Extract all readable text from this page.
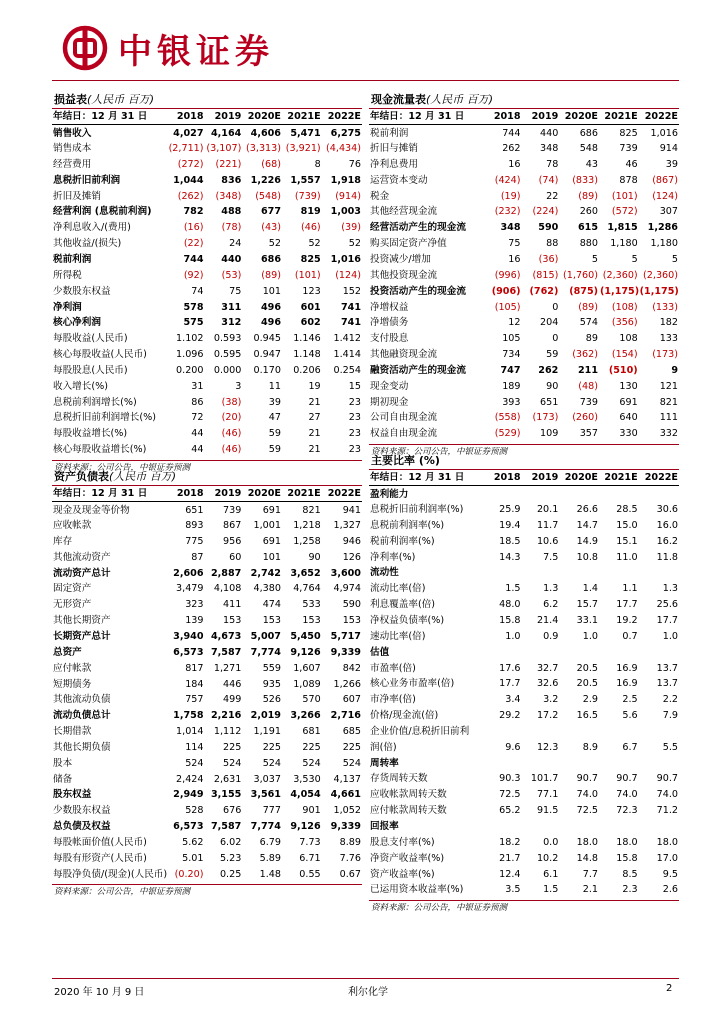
中银证券
损益表(人民币 百万)
年结日：12 月 31 日	2018	2019	2020E	2021E	2022E
销售收入	4,027	4,164	4,606	5,471	6,275
销售成本	(2,711)	(3,107)	(3,313)	(3,921)	(4,434)
经营费用	(272)	(221)	(68)	8	76
息税折旧前利润	1,044	836	1,226	1,557	1,918
折旧及摊销	(262)	(348)	(548)	(739)	(914)
经营利润 (息税前利润)	782	488	677	819	1,003
净利息收入/(费用)	(16)	(78)	(43)	(46)	(39)
其他收益/(损失)	(22)	24	52	52	52
税前利润	744	440	686	825	1,016
所得税	(92)	(53)	(89)	(101)	(124)
少数股东权益	74	75	101	123	152
净利润	578	311	496	601	741
核心净利润	575	312	496	602	741
每股收益(人民币)	1.102	0.593	0.945	1.146	1.412
核心每股收益(人民币)	1.096	0.595	0.947	1.148	1.414
每股股息(人民币)	0.200	0.000	0.170	0.206	0.254
收入增长(%)	31	3	11	19	15
息税前利润增长(%)	86	(38)	39	21	23
息税折旧前利润增长(%)	72	(20)	47	27	23
每股收益增长(%)	44	(46)	59	21	23
核心每股收益增长(%)	44	(46)	59	21	23
资料来源：公司公告，中银证券预测
现金流量表(人民币 百万)
年结日：12 月 31 日	2018	2019	2020E	2021E	2022E
税前利润	744	440	686	825	1,016
折旧与摊销	262	348	548	739	914
净利息费用	16	78	43	46	39
运营资本变动	(424)	(74)	(833)	878	(867)
税金	(19)	22	(89)	(101)	(124)
其他经营现金流	(232)	(224)	260	(572)	307
经营活动产生的现金流	348	590	615	1,815	1,286
购买固定资产净值	75	88	880	1,180	1,180
投资减少/增加	16	(36)	5	5	5
其他投资现金流	(996)	(815)	(1,760)	(2,360)	(2,360)
投资活动产生的现金流	(906)	(762)	(875)	(1,175)	(1,175)
净增权益	(105)	0	(89)	(108)	(133)
净增债务	12	204	574	(356)	182
支付股息	105	0	89	108	133
其他融资现金流	734	59	(362)	(154)	(173)
融资活动产生的现金流	747	262	211	(510)	9
现金变动	189	90	(48)	130	121
期初现金	393	651	739	691	821
公司自由现金流	(558)	(173)	(260)	640	111
权益自由现金流	(529)	109	357	330	332
资料来源：公司公告，中银证券预测
资产负债表(人民币 百万)
年结日：12 月 31 日	2018	2019	2020E	2021E	2022E
现金及现金等价物	651	739	691	821	941
应收帐款	893	867	1,001	1,218	1,327
库存	775	956	691	1,258	946
其他流动资产	87	60	101	90	126
流动资产总计	2,606	2,887	2,742	3,652	3,600
固定资产	3,479	4,108	4,380	4,764	4,974
无形资产	323	411	474	533	590
其他长期资产	139	153	153	153	153
长期资产总计	3,940	4,673	5,007	5,450	5,717
总资产	6,573	7,587	7,774	9,126	9,339
应付帐款	817	1,271	559	1,607	842
短期债务	184	446	935	1,089	1,266
其他流动负债	757	499	526	570	607
流动负债总计	1,758	2,216	2,019	3,266	2,716
长期借款	1,014	1,112	1,191	681	685
其他长期负债	114	225	225	225	225
股本	524	524	524	524	524
储备	2,424	2,631	3,037	3,530	4,137
股东权益	2,949	3,155	3,561	4,054	4,661
少数股东权益	528	676	777	901	1,052
总负债及权益	6,573	7,587	7,774	9,126	9,339
每股帐面价值(人民币)	5.62	6.02	6.79	7.73	8.89
每股有形资产(人民币)	5.01	5.23	5.89	6.71	7.76
每股净负债/(现金)(人民币)	(0.20)	0.25	1.48	0.55	0.67
资料来源：公司公告，中银证券预测
主要比率 (%)
年结日：12 月 31 日	2018	2019	2020E	2021E	2022E
盈利能力					
息税折旧前利润率(%)	25.9	20.1	26.6	28.5	30.6
息税前利润率(%)	19.4	11.7	14.7	15.0	16.0
税前利润率(%)	18.5	10.6	14.9	15.1	16.2
净利率(%)	14.3	7.5	10.8	11.0	11.8
流动性					
流动比率(倍)	1.5	1.3	1.4	1.1	1.3
利息覆盖率(倍)	48.0	6.2	15.7	17.7	25.6
净权益负债率(%)	15.8	21.4	33.1	19.2	17.7
速动比率(倍)	1.0	0.9	1.0	0.7	1.0
估值					
市盈率(倍)	17.6	32.7	20.5	16.9	13.7
核心业务市盈率(倍)	17.7	32.6	20.5	16.9	13.7
市净率(倍)	3.4	3.2	2.9	2.5	2.2
价格/现金流(倍)	29.2	17.2	16.5	5.6	7.9
企业价值/息税折旧前利					
润(倍)	9.6	12.3	8.9	6.7	5.5
周转率					
存货周转天数	90.3	101.7	90.7	90.7	90.7
应收帐款周转天数	72.5	77.1	74.0	74.0	74.0
应付帐款周转天数	65.2	91.5	72.5	72.3	71.2
回报率					
股息支付率(%)	18.2	0.0	18.0	18.0	18.0
净资产收益率(%)	21.7	10.2	14.8	15.8	17.0
资产收益率(%)	12.4	6.1	7.7	8.5	9.5
已运用资本收益率(%)	3.5	1.5	2.1	2.3	2.6
资料来源：公司公告，中银证券预测
2020 年 10 月 9 日	利尔化学	2
